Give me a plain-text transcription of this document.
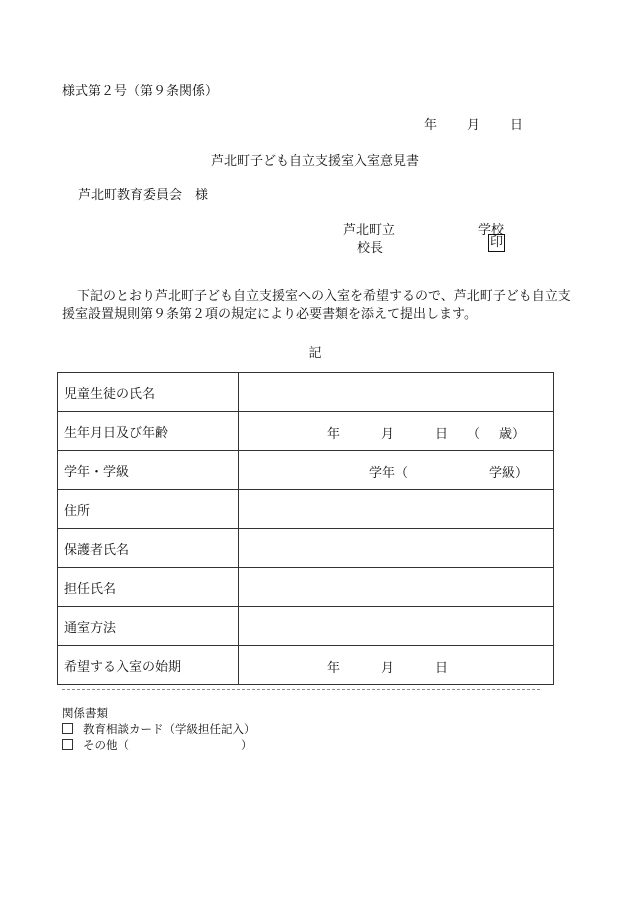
様式第２号（第９条関係）
年 月 日
芦北町子ども自立支援室入室意見書
芦北町教育委員会　様
芦北町立	学校
校長	印
下記のとおり芦北町子ども自立支援室への入室を希望するので、芦北町子ども自立支援室設置規則第９条第２項の規定により必要書類を添えて提出します。
記
児童生徒の氏名	
生年月日及び年齢	年 月 日 （ 歳）

学年・学級	学年（ 学級）

住所	
保護者氏名	
担任氏名	
通室方法	
希望する入室の始期	年 月 日
関係書類
教育相談カード（学級担任記入）
その他（	）
